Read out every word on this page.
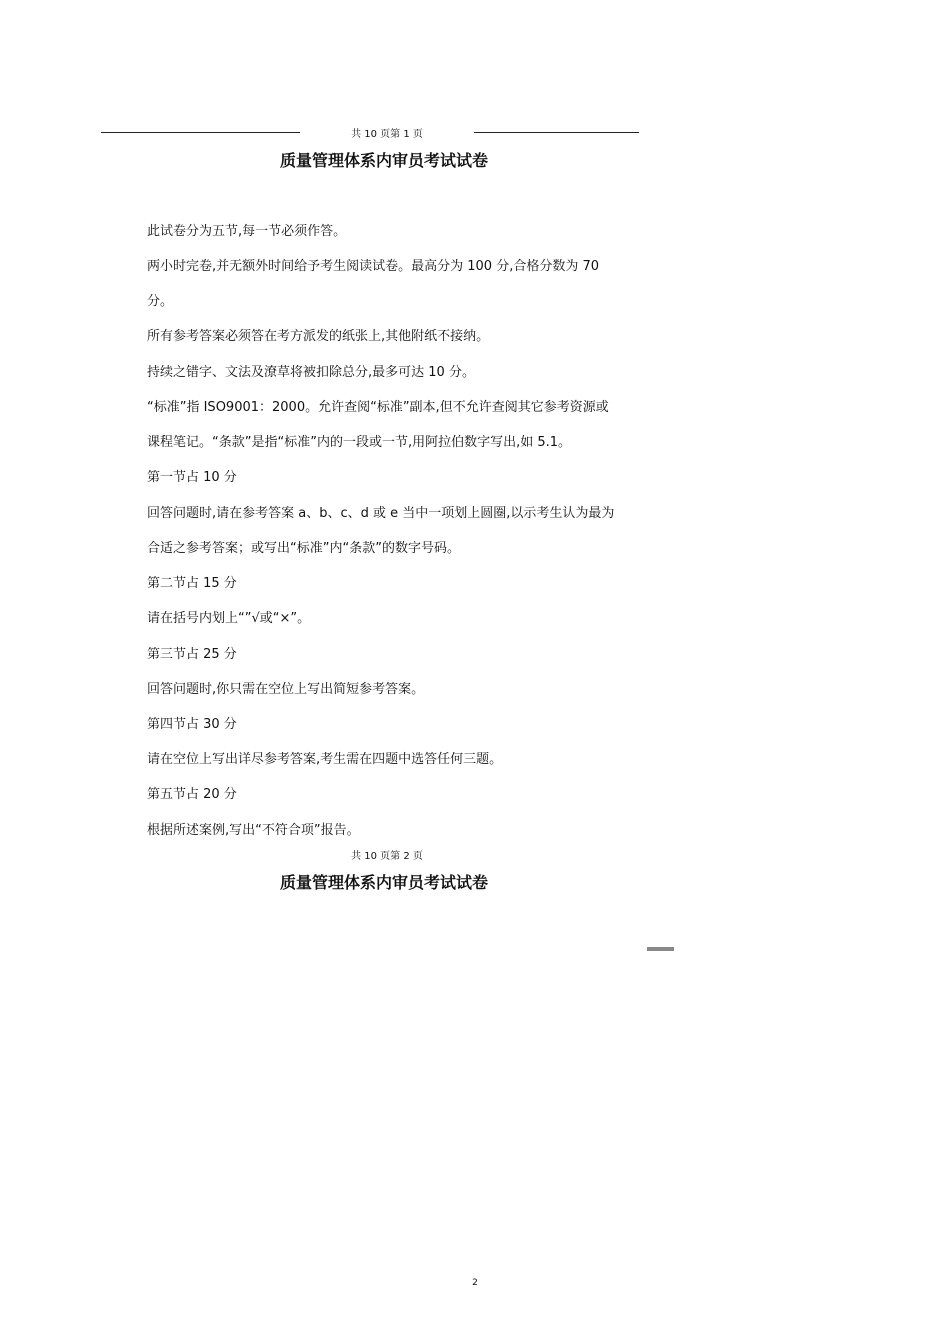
共 10 页第 1 页
质量管理体系内审员考试试卷
此试卷分为五节,每一节必须作答。
两小时完卷,并无额外时间给予考生阅读试卷。最高分为 100 分,合格分数为 70
分。
所有参考答案必须答在考方派发的纸张上,其他附纸不接纳。
持续之错字、文法及潦草将被扣除总分,最多可达 10 分。
“标准”指 ISO9001：2000。允许查阅“标准”副本,但不允许查阅其它参考资源或
课程笔记。“条款”是指“标准”内的一段或一节,用阿拉伯数字写出,如 5.1。
第一节占 10 分
回答问题时,请在参考答案 a、b、c、d 或 e 当中一项划上圆圈,以示考生认为最为
合适之参考答案；或写出“标准”内“条款”的数字号码。
第二节占 15 分
请在括号内划上“”√或“×”。
第三节占 25 分
回答问题时,你只需在空位上写出简短参考答案。
第四节占 30 分
请在空位上写出详尽参考答案,考生需在四题中选答任何三题。
第五节占 20 分
根据所述案例,写出“不符合项”报告。
共 10 页第 2 页
质量管理体系内审员考试试卷
2
